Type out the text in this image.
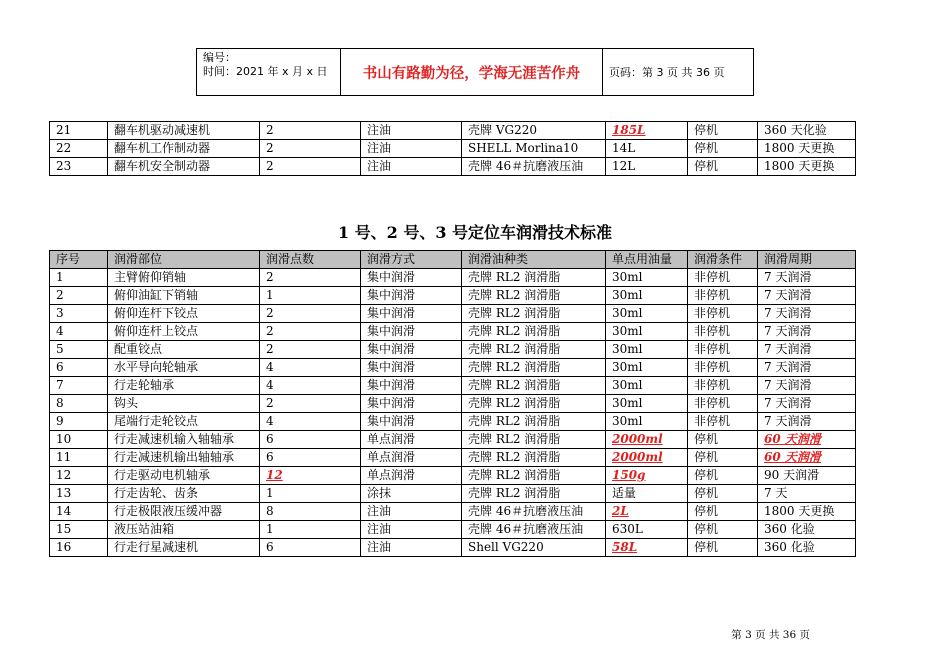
编号：
时间：2021 年 x 月 x 日	书山有路勤为径，学海无涯苦作舟	页码：第 3 页 共 36 页
21	翻车机驱动减速机	2	注油	壳牌 VG220	185L	停机	360 天化验
22	翻车机工作制动器	2	注油	SHELL Morlina10	14L	停机	1800 天更换
23	翻车机安全制动器	2	注油	壳牌 46＃抗磨液压油	12L	停机	1800 天更换
1 号、2 号、3 号定位车润滑技术标准
序号	润滑部位	润滑点数	润滑方式	润滑油种类	单点用油量	润滑条件	润滑周期
1	主臂俯仰销轴	2	集中润滑	壳牌 RL2 润滑脂	30ml	非停机	7 天润滑
2	俯仰油缸下销轴	1	集中润滑	壳牌 RL2 润滑脂	30ml	非停机	7 天润滑
3	俯仰连杆下铰点	2	集中润滑	壳牌 RL2 润滑脂	30ml	非停机	7 天润滑
4	俯仰连杆上铰点	2	集中润滑	壳牌 RL2 润滑脂	30ml	非停机	7 天润滑
5	配重铰点	2	集中润滑	壳牌 RL2 润滑脂	30ml	非停机	7 天润滑
6	水平导向轮轴承	4	集中润滑	壳牌 RL2 润滑脂	30ml	非停机	7 天润滑
7	行走轮轴承	4	集中润滑	壳牌 RL2 润滑脂	30ml	非停机	7 天润滑
8	钩头	2	集中润滑	壳牌 RL2 润滑脂	30ml	非停机	7 天润滑
9	尾端行走轮铰点	4	集中润滑	壳牌 RL2 润滑脂	30ml	非停机	7 天润滑
10	行走减速机输入轴轴承	6	单点润滑	壳牌 RL2 润滑脂	2000ml	停机	60 天润滑
11	行走减速机输出轴轴承	6	单点润滑	壳牌 RL2 润滑脂	2000ml	停机	60 天润滑
12	行走驱动电机轴承	12	单点润滑	壳牌 RL2 润滑脂	150g	停机	90 天润滑
13	行走齿轮、齿条	1	涂抹	壳牌 RL2 润滑脂	适量	停机	7 天
14	行走极限液压缓冲器	8	注油	壳牌 46＃抗磨液压油	2L	停机	1800 天更换
15	液压站油箱	1	注油	壳牌 46＃抗磨液压油	630L	停机	360 化验
16	行走行星减速机	6	注油	Shell VG220	58L	停机	360 化验
第 3 页 共 36 页
